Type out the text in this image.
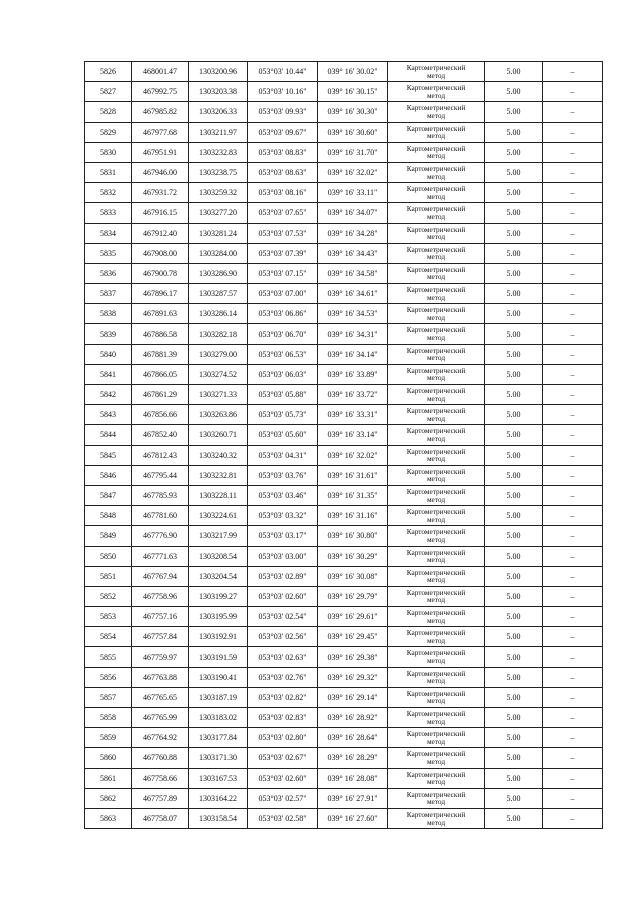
5826	468001.47	1303200.96	053°03' 10.44"	039° 16' 30.02"	Картометрический
метод	5.00	–
5827	467992.75	1303203.38	053°03' 10.16"	039° 16' 30.15"	Картометрический
метод	5.00	–
5828	467985.82	1303206.33	053°03' 09.93"	039° 16' 30.30"	Картометрический
метод	5.00	–
5829	467977.68	1303211.97	053°03' 09.67"	039° 16' 30.60"	Картометрический
метод	5.00	–
5830	467951.91	1303232.83	053°03' 08.83"	039° 16' 31.70"	Картометрический
метод	5.00	–
5831	467946.00	1303238.75	053°03' 08.63"	039° 16' 32.02"	Картометрический
метод	5.00	–
5832	467931.72	1303259.32	053°03' 08.16"	039° 16' 33.11"	Картометрический
метод	5.00	–
5833	467916.15	1303277.20	053°03' 07.65"	039° 16' 34.07"	Картометрический
метод	5.00	–
5834	467912.40	1303281.24	053°03' 07.53"	039° 16' 34.28"	Картометрический
метод	5.00	–
5835	467908.00	1303284.00	053°03' 07.39"	039° 16' 34.43"	Картометрический
метод	5.00	–
5836	467900.78	1303286.90	053°03' 07.15"	039° 16' 34.58"	Картометрический
метод	5.00	–
5837	467896.17	1303287.57	053°03' 07.00"	039° 16' 34.61"	Картометрический
метод	5.00	–
5838	467891.63	1303286.14	053°03' 06.86"	039° 16' 34.53"	Картометрический
метод	5.00	–
5839	467886.58	1303282.18	053°03' 06.70"	039° 16' 34.31"	Картометрический
метод	5.00	–
5840	467881.39	1303279.00	053°03' 06.53"	039° 16' 34.14"	Картометрический
метод	5.00	–
5841	467866.05	1303274.52	053°03' 06.03"	039° 16' 33.89"	Картометрический
метод	5.00	–
5842	467861.29	1303271.33	053°03' 05.88"	039° 16' 33.72"	Картометрический
метод	5.00	–
5843	467856.66	1303263.86	053°03' 05.73"	039° 16' 33.31"	Картометрический
метод	5.00	–
5844	467852.40	1303260.71	053°03' 05.60"	039° 16' 33.14"	Картометрический
метод	5.00	–
5845	467812.43	1303240.32	053°03' 04.31"	039° 16' 32.02"	Картометрический
метод	5.00	–
5846	467795.44	1303232.81	053°03' 03.76"	039° 16' 31.61"	Картометрический
метод	5.00	–
5847	467785.93	1303228.11	053°03' 03.46"	039° 16' 31.35"	Картометрический
метод	5.00	–
5848	467781.60	1303224.61	053°03' 03.32"	039° 16' 31.16"	Картометрический
метод	5.00	–
5849	467776.90	1303217.99	053°03' 03.17"	039° 16' 30.80"	Картометрический
метод	5.00	–
5850	467771.63	1303208.54	053°03' 03.00"	039° 16' 30.29"	Картометрический
метод	5.00	–
5851	467767.94	1303204.54	053°03' 02.89"	039° 16' 30.08"	Картометрический
метод	5.00	–
5852	467758.96	1303199.27	053°03' 02.60"	039° 16' 29.79"	Картометрический
метод	5.00	–
5853	467757.16	1303195.99	053°03' 02.54"	039° 16' 29.61"	Картометрический
метод	5.00	–
5854	467757.84	1303192.91	053°03' 02.56"	039° 16' 29.45"	Картометрический
метод	5.00	–
5855	467759.97	1303191.59	053°03' 02.63"	039° 16' 29.38"	Картометрический
метод	5.00	–
5856	467763.88	1303190.41	053°03' 02.76"	039° 16' 29.32"	Картометрический
метод	5.00	–
5857	467765.65	1303187.19	053°03' 02.82"	039° 16' 29.14"	Картометрический
метод	5.00	–
5858	467765.99	1303183.02	053°03' 02.83"	039° 16' 28.92"	Картометрический
метод	5.00	–
5859	467764.92	1303177.84	053°03' 02.80"	039° 16' 28.64"	Картометрический
метод	5.00	–
5860	467760.88	1303171.30	053°03' 02.67"	039° 16' 28.29"	Картометрический
метод	5.00	–
5861	467758.66	1303167.53	053°03' 02.60"	039° 16' 28.08"	Картометрический
метод	5.00	–
5862	467757.89	1303164.22	053°03' 02.57"	039° 16' 27.91"	Картометрический
метод	5.00	–
5863	467758.07	1303158.54	053°03' 02.58"	039° 16' 27.60"	Картометрический
метод	5.00	–
